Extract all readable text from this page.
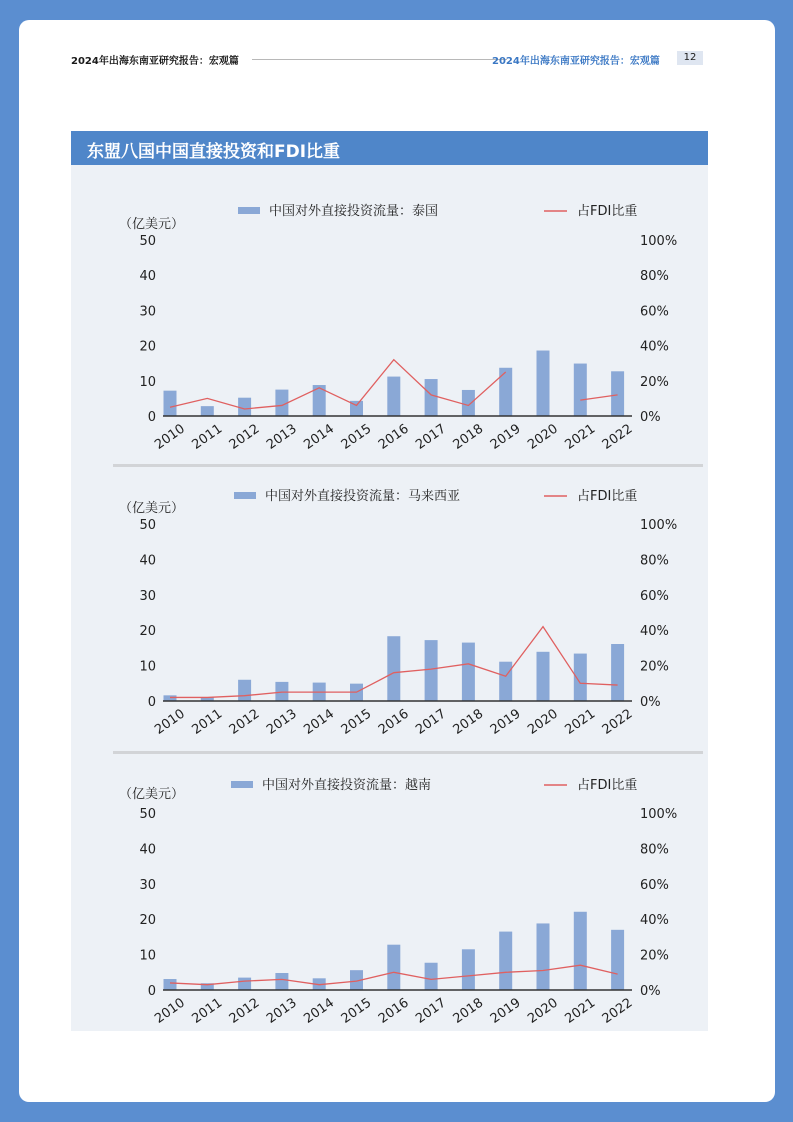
2024年出海东南亚研究报告：宏观篇	2024年出海东南亚研究报告：宏观篇	12
东盟八国中国直接投资和FDI比重
（亿美元）
中国对外直接投资流量：泰国	占FDI比重
50
40
30
20
10
0
100%
80%
60%
40%
20%
0%
2010 2011 2012 2013 2014 2015 2016 2017 2018 2019 2020 2021 2022
（亿美元）
中国对外直接投资流量：马来西亚	占FDI比重
50
40
30
20
10
0
100%
80%
60%
40%
20%
0%
2010 2011 2012 2013 2014 2015 2016 2017 2018 2019 2020 2021 2022
（亿美元）
中国对外直接投资流量：越南	占FDI比重
50
40
30
20
10
0
100%
80%
60%
40%
20%
0%
2010 2011 2012 2013 2014 2015 2016 2017 2018 2019 2020 2021 2022
